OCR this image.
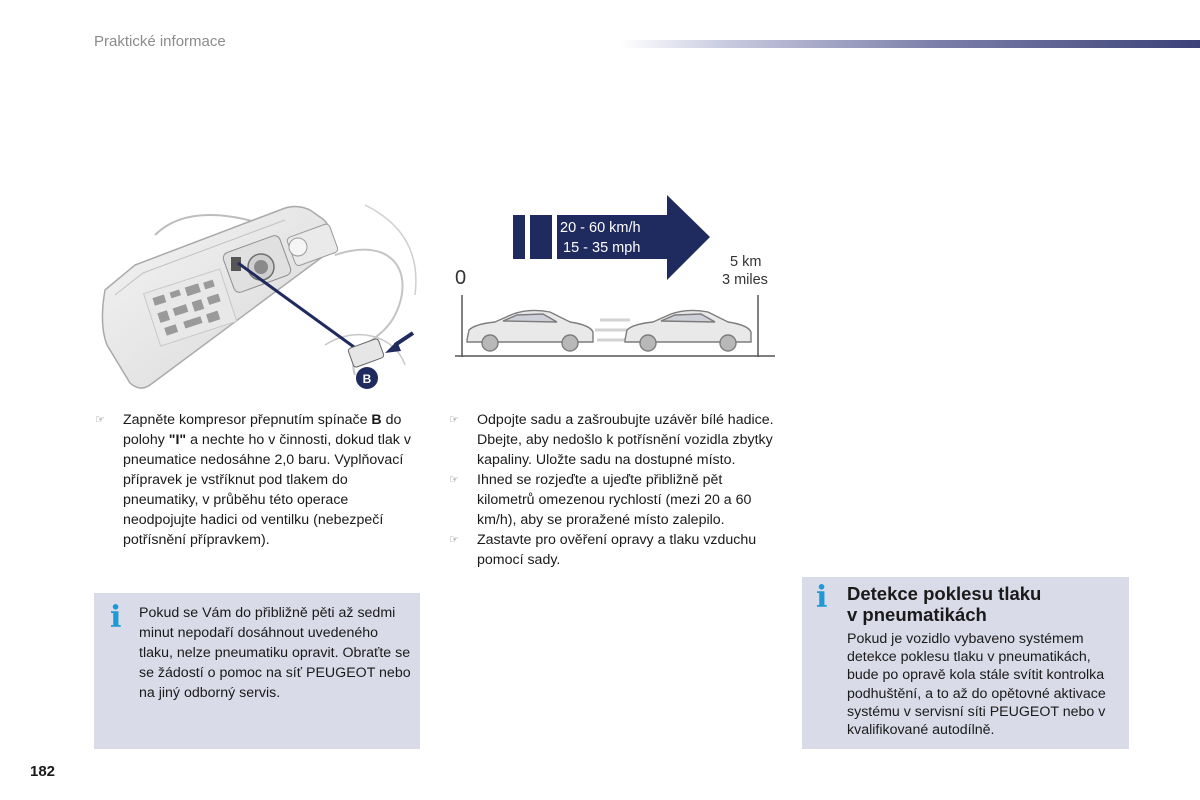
Praktické informace
B
20 - 60 km/h
15 - 35 mph
0
5 km
3 miles
☞ Zapněte kompresor přepnutím spínače B do polohy "I" a nechte ho v činnosti, dokud tlak v pneumatice nedosáhne 2,0 baru. Vyplňovací přípravek je vstříknut pod tlakem do pneumatiky, v průběhu této operace neodpojujte hadici od ventilku (nebezpečí potřísnění přípravkem).
☞ Odpojte sadu a zašroubujte uzávěr bílé hadice.

Dbejte, aby nedošlo k potřísnění vozidla zbytky kapaliny. Uložte sadu na dostupné místo.

☞ Ihned se rozjeďte a ujeďte přibližně pět kilometrů omezenou rychlostí (mezi 20 a 60 km/h), aby se proražené místo zalepilo.

☞ Zastavte pro ověření opravy a tlaku vzduchu pomocí sady.

i Pokud se Vám do přibližně pěti až sedmi minut nepodaří dosáhnout uvedeného tlaku, nelze pneumatiku opravit. Obraťte se se žádostí o pomoc na síť PEUGEOT nebo na jiný odborný servis.
i Detekce poklesu tlaku
v pneumatikách
Pokud je vozidlo vybaveno systémem detekce poklesu tlaku v pneumatikách, bude po opravě kola stále svítit kontrolka podhuštění, a to až do opětovné aktivace systému v servisní síti PEUGEOT nebo v kvalifikované autodílně.
182
